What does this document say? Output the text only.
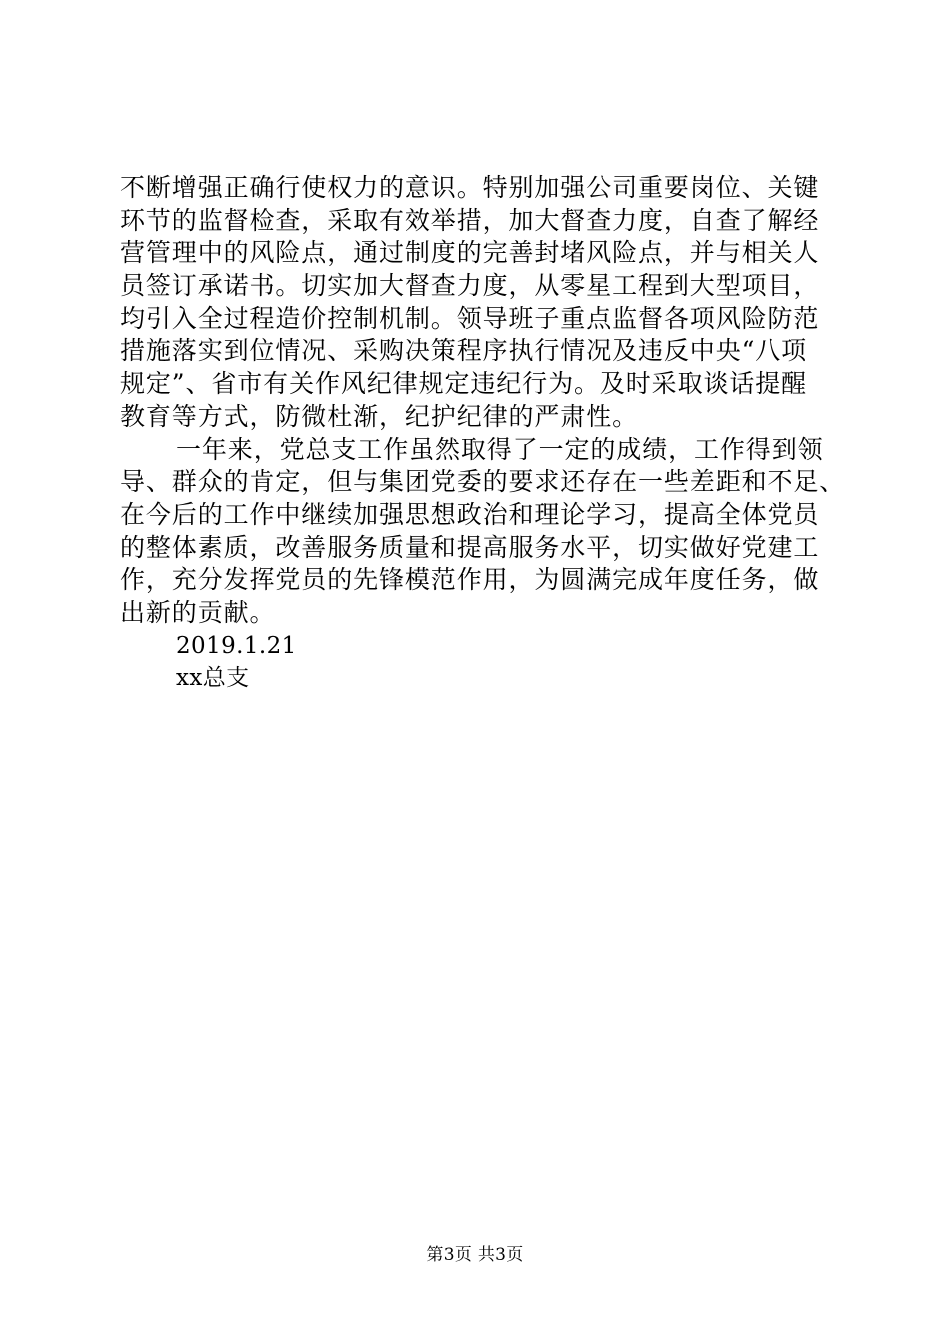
不断增强正确行使权力的意识。特别加强公司重要岗位、关键
环节的监督检查，采取有效举措，加大督查力度，自查了解经
营管理中的风险点，通过制度的完善封堵风险点，并与相关人
员签订承诺书。切实加大督查力度，从零星工程到大型项目，
均引入全过程造价控制机制。领导班子重点监督各项风险防范
措施落实到位情况、采购决策程序执行情况及违反中央“八项
规定”、省市有关作风纪律规定违纪行为。及时采取谈话提醒
教育等方式，防微杜渐，纪护纪律的严肃性。
一年来，党总支工作虽然取得了一定的成绩，工作得到领
导、群众的肯定，但与集团党委的要求还存在一些差距和不足、
在今后的工作中继续加强思想政治和理论学习，提高全体党员
的整体素质，改善服务质量和提高服务水平，切实做好党建工
作，充分发挥党员的先锋模范作用，为圆满完成年度任务，做
出新的贡献。
2019.1.21
xx总支
第3页 共3页
